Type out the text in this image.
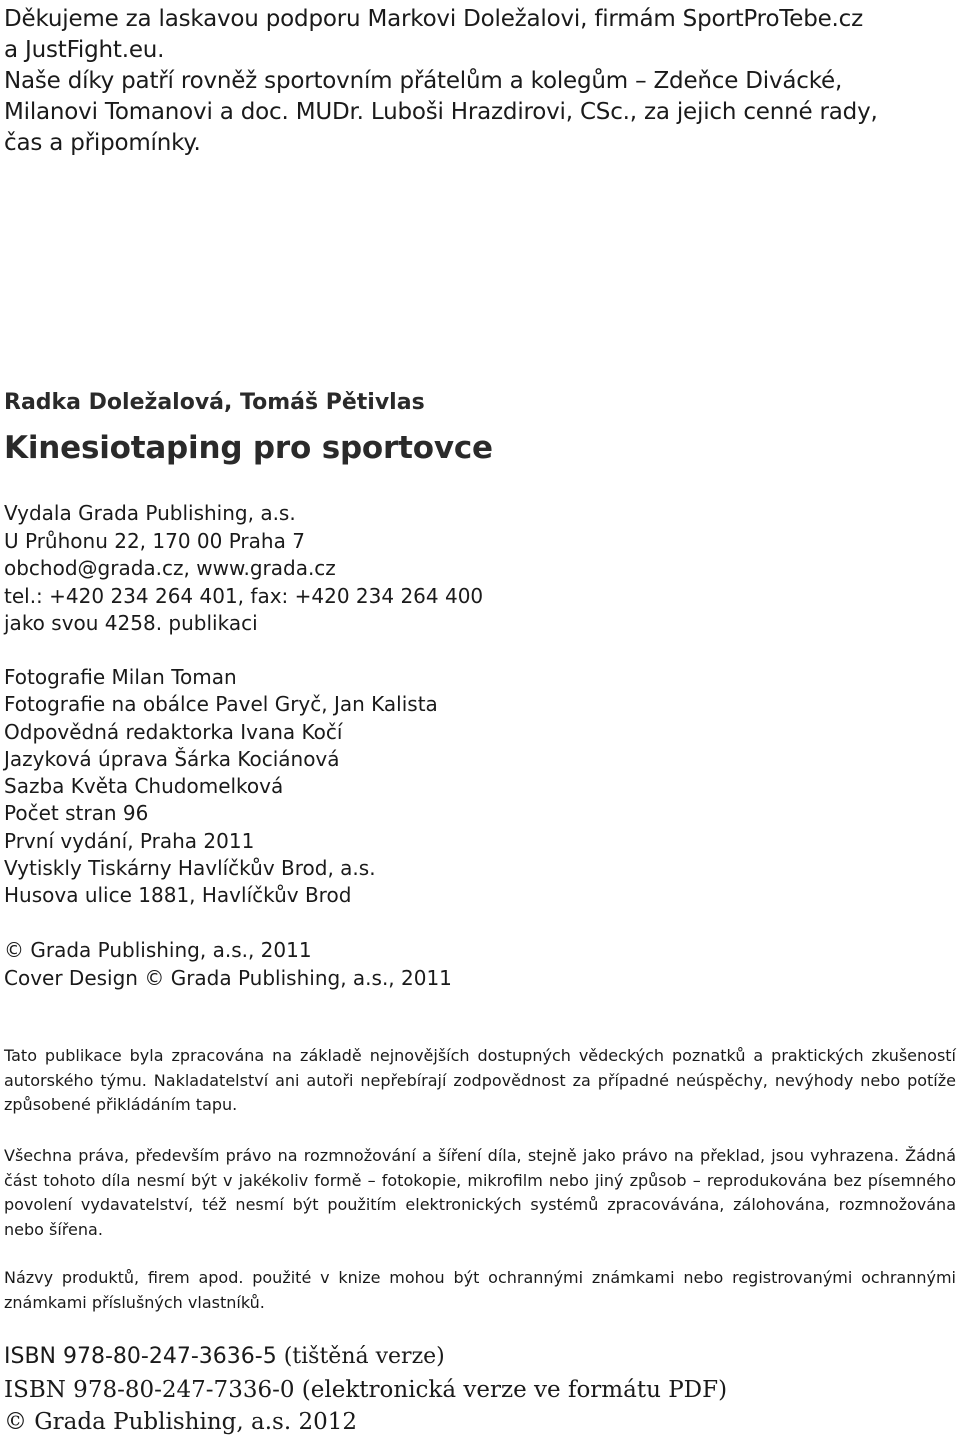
Děkujeme za laskavou podporu Markovi Doležalovi, firmám SportProTebe.cz
a JustFight.eu.
Naše díky patří rovněž sportovním přátelům a kolegům – Zdeňce Divácké,
Milanovi Tomanovi a doc. MUDr. Luboši Hrazdirovi, CSc., za jejich cenné rady,
čas a připomínky.
Radka Doležalová, Tomáš Pětivlas
Kinesiotaping pro sportovce
Vydala Grada Publishing, a.s.
U Průhonu 22, 170 00 Praha 7
obchod@grada.cz, www.grada.cz
tel.: +420 234 264 401, fax: +420 234 264 400
jako svou 4258. publikaci
Fotografie Milan Toman
Fotografie na obálce Pavel Gryč, Jan Kalista
Odpovědná redaktorka Ivana Kočí
Jazyková úprava Šárka Kociánová
Sazba Květa Chudomelková
Počet stran 96
První vydání, Praha 2011
Vytiskly Tiskárny Havlíčkův Brod, a.s.
Husova ulice 1881, Havlíčkův Brod
© Grada Publishing, a.s., 2011
Cover Design © Grada Publishing, a.s., 2011

Tato publikace byla zpracována na základě nejnovějších dostupných vědeckých poznatků a praktických zkušeností autorského týmu. Nakladatelství ani autoři nepřebírají zodpovědnost za případné neúspěchy, nevýhody nebo potíže způsobené přikládáním tapu.

Všechna práva, především právo na rozmnožování a šíření díla, stejně jako právo na překlad, jsou vyhrazena. Žádná část tohoto díla nesmí být v jakékoliv formě – fotokopie, mikrofilm nebo jiný způsob – reprodukována bez písemného povolení vydavatelství, též nesmí být použitím elektronických systémů zpracovávána, zálohována, rozmnožována nebo šířena.

Názvy produktů, firem apod. použité v knize mohou být ochrannými známkami nebo registrovanými ochrannými známkami příslušných vlastníků.

ISBN 978-80-247-3636-5 (tištěná verze)
ISBN 978-80-247-7336-0 (elektronická verze ve formátu PDF)
© Grada Publishing, a.s. 2012
